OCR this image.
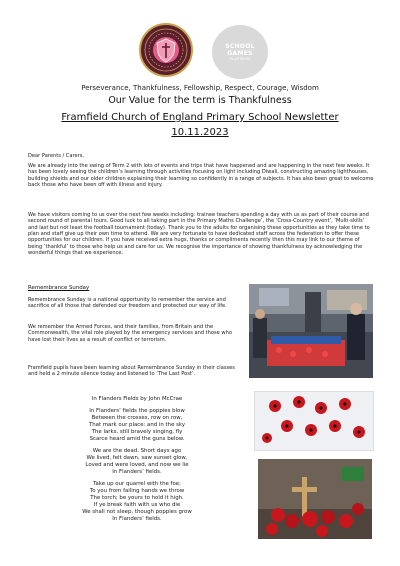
SCHOOL
GAMES
PLATINUM
Perseverance, Thankfulness, Fellowship, Respect, Courage, Wisdom
Our Value for the term is Thankfulness
Framfield Church of England Primary School Newsletter
10.11.2023
Dear Parents / Carers,
We are already into the swing of Term 2 with lots of events and trips that have happened and are happening in the next few weeks. It has been lovely seeing the children’s learning through activities focusing on light including Diwali, constructing amazing lighthouses, building shields and our older children explaining their learning so confidently in a range of subjects. It has also been great to welcome back those who have been off with illness and injury.
We have visitors coming to us over the next few weeks including: trainee teachers spending a day with us as part of their course and second round of parental tours. Good luck to all taking part in the Primary Maths Challenge’, the ‘Cross-Country event’, ‘Multi-skills’ and last but not least the football tournament (today). Thank you to the adults for organising these opportunities as they take time to plan and staff give up their own time to attend. We are very fortunate to have dedicated staff across the federation to offer these opportunities for our children. If you have received extra hugs, thanks or compliments recently then this may link to our theme of being ‘thankful’ to those who help us and care for us. We recognise the importance of showing thankfulness by acknowledging the wonderful things that we experience.
Remembrance Sunday
Remembrance Sunday is a national opportunity to remember the service and sacrifice of all those that defended our freedom and protected our way of life.
We remember the Armed Forces, and their families, from Britain and the Commonwealth, the vital role played by the emergency services and those who have lost their lives as a result of conflict or terrorism.
Framfield pupils have been learning about Remembrance Sunday in their classes and held a 2 minute silence today and listened to ‘The Last Post’.
In Flanders Fields by John McCrae
In Flanders’ fields the poppies blow
Between the crosses, row on row,
That mark our place: and in the sky
The larks, still bravely singing, fly
Scarce heard amid the guns below.
We are the dead. Short days ago
We lived, felt dawn, saw sunset glow,
Loved and were loved, and now we lie
In Flanders’ fields.
Take up our quarrel with the foe;
To you from failing hands we throw
The torch; be yours to hold it high.
If ye break faith with us who die
We shall not sleep, though poppies grow
In Flanders’ fields.
